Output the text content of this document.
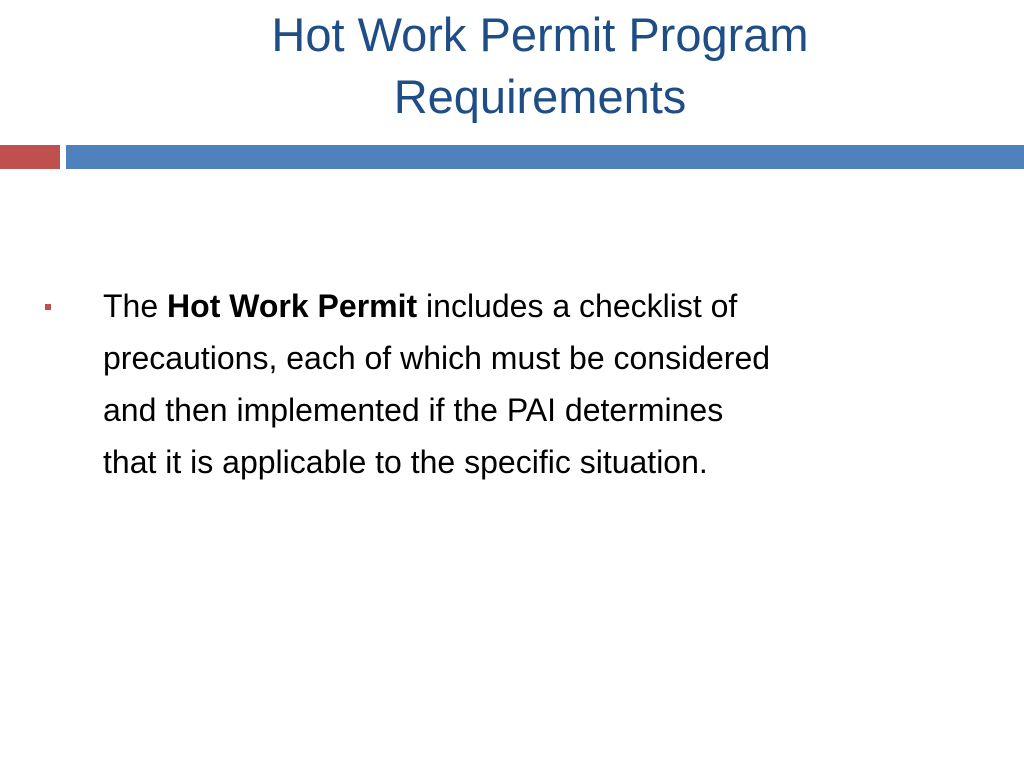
Hot Work Permit Program
Requirements
The Hot Work Permit includes a checklist of
precautions, each of which must be considered
and then implemented if the PAI determines
that it is applicable to the specific situation.
